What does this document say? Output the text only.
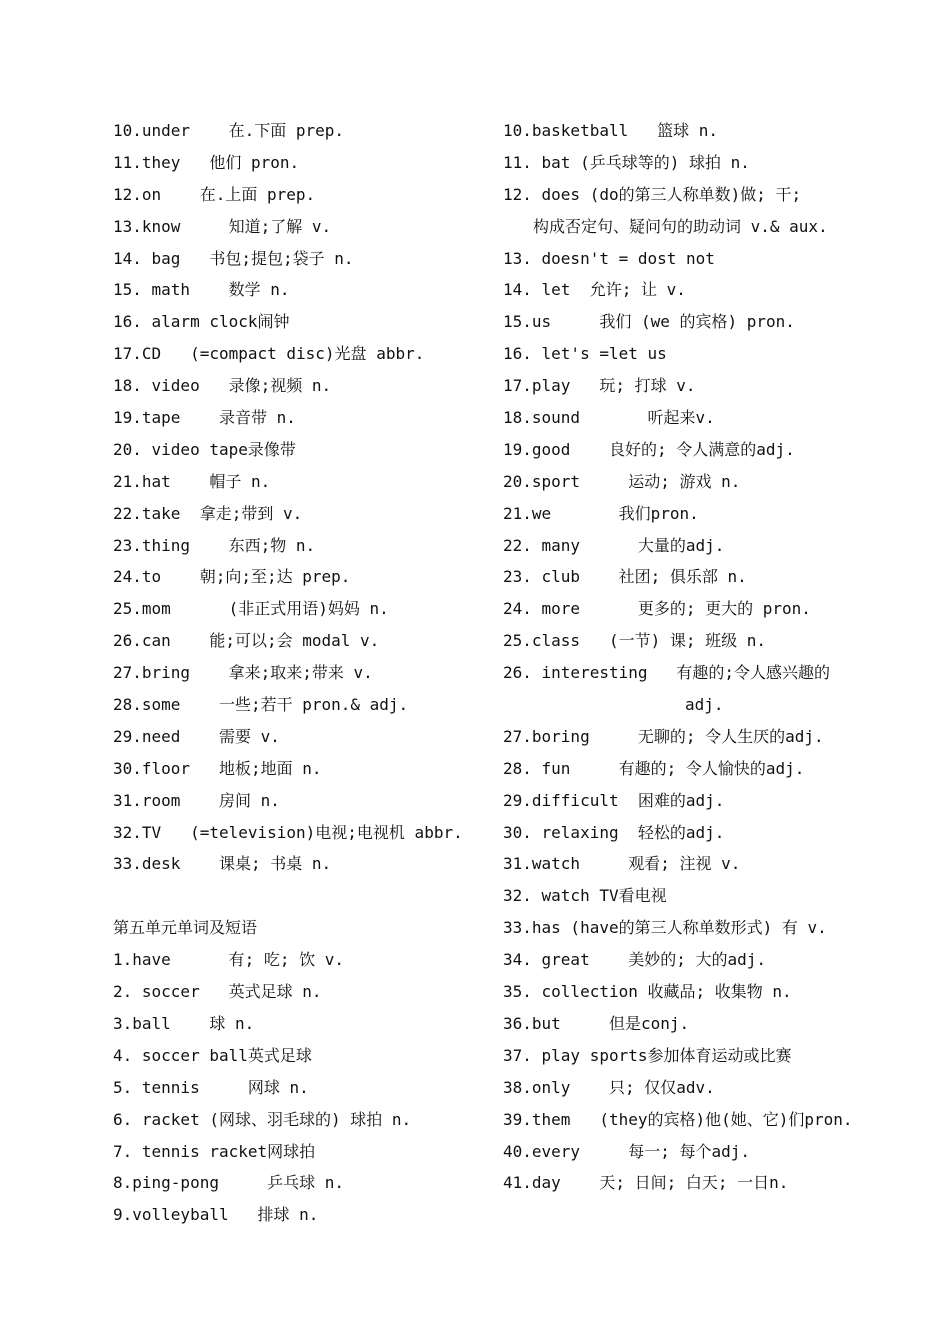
10.under    在.下面 prep.
11.they   他们 pron.
12.on    在.上面 prep.
13.know     知道;了解 v.
14. bag   书包;提包;袋子 n.
15. math    数学 n.
16. alarm clock闹钟
17.CD   (=compact disc)光盘 abbr.
18. video   录像;视频 n.
19.tape    录音带 n.
20. video tape录像带
21.hat    帽子 n.
22.take  拿走;带到 v.
23.thing    东西;物 n.
24.to    朝;向;至;达 prep.
25.mom      (非正式用语)妈妈 n.
26.can    能;可以;会 modal v.
27.bring    拿来;取来;带来 v.
28.some    一些;若干 pron.& adj.
29.need    需要 v.
30.floor   地板;地面 n.
31.room    房间 n.
32.TV   (=television)电视;电视机 abbr.
33.desk    课桌; 书桌 n.
第五单元单词及短语
1.have      有; 吃; 饮 v.
2. soccer   英式足球 n.
3.ball    球 n.
4. soccer ball英式足球
5. tennis     网球 n.
6. racket (网球、羽毛球的) 球拍 n.
7. tennis racket网球拍
8.ping-pong     乒乓球 n.
9.volleyball   排球 n.
10.basketball   篮球 n.
11. bat (乒乓球等的) 球拍 n.
12. does (do的第三人称单数)做; 干;
构成否定句、疑问句的助动词 v.& aux.
13. doesn't = dost not
14. let  允许; 让 v.
15.us     我们 (we 的宾格) pron.
16. let's =let us
17.play   玩; 打球 v.
18.sound       听起来v.
19.good    良好的; 令人满意的adj.
20.sport     运动; 游戏 n.
21.we       我们pron.
22. many      大量的adj.
23. club    社团; 俱乐部 n.
24. more      更多的; 更大的 pron.
25.class   (一节) 课; 班级 n.
26. interesting   有趣的;令人感兴趣的
adj.
27.boring     无聊的; 令人生厌的adj.
28. fun     有趣的; 令人愉快的adj.
29.difficult  困难的adj.
30. relaxing  轻松的adj.
31.watch     观看; 注视 v.
32. watch TV看电视
33.has (have的第三人称单数形式) 有 v.
34. great    美妙的; 大的adj.
35. collection 收藏品; 收集物 n.
36.but     但是conj.
37. play sports参加体育运动或比赛
38.only    只; 仅仅adv.
39.them   (they的宾格)他(她、它)们pron.
40.every     每一; 每个adj.
41.day    天; 日间; 白天; 一日n.
